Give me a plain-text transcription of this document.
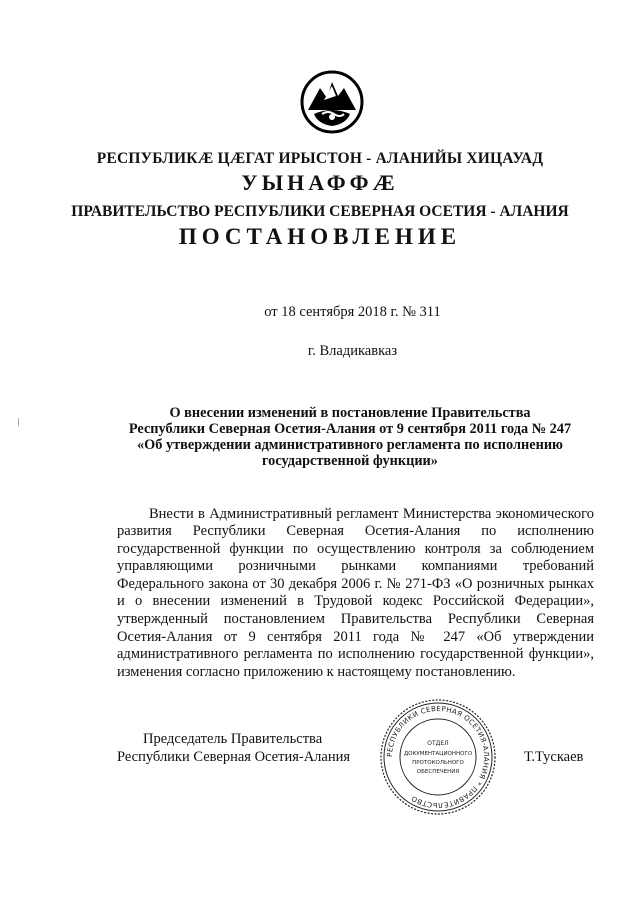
РЕСПУБЛИКÆ ЦÆГАТ ИРЫСТОН - АЛАНИЙЫ ХИЦАУАД
УЫНАФФÆ
ПРАВИТЕЛЬСТВО РЕСПУБЛИКИ СЕВЕРНАЯ ОСЕТИЯ - АЛАНИЯ
ПОСТАНОВЛЕНИЕ
от 18 сентября 2018 г. № 311
г. Владикавказ
О внесении изменений в постановление Правительства
Республики Северная Осетия-Алания от 9 сентября 2011 года № 247
«Об утверждении административного регламента по исполнению
государственной функции»

Внести в Административный регламент Министерства экономического развития Республики Северная Осетия-Алания по исполнению государственной функции по осуществлению контроля за соблюдением управляющими розничными рынками компаниями требований Федерального закона от 30 декабря 2006 г. № 271-ФЗ «О розничных рынках и о внесении изменений в Трудовой кодекс Российской Федерации», утвержденный постановлением Правительства Республики Северная Осетия-Алания от 9 сентября 2011 года № 247 «Об утверждении административного регламента по исполнению государственной функции», изменения согласно приложению к настоящему постановлению.

Председатель Правительства
Республики Северная Осетия-Алания	РЕСПУБЛИКИ СЕВЕРНАЯ ОСЕТИЯ-АЛАНИЯ * ПРАВИТЕЛЬСТВО
ОТДЕЛ
ДОКУМЕНТАЦИОННОГО
ПРОТОКОЛЬНОГО
ОБЕСПЕЧЕНИЯ
Т.Тускаев
